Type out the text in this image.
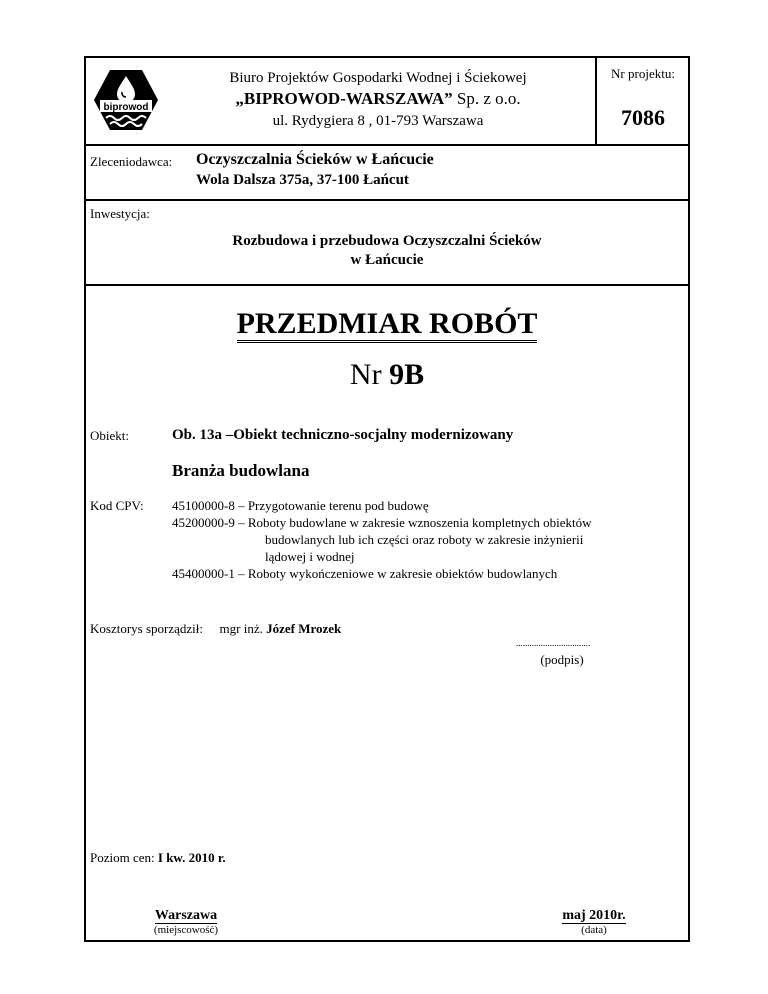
biprowod
Biuro Projektów Gospodarki Wodnej i Ściekowej
„BIPROWOD-WARSZAWA” Sp. z o.o.
ul. Rydygiera 8 , 01-793 Warszawa
Nr projektu:
7086
Zleceniodawca: Oczyszczalnia Ścieków w Łańcucie
Wola Dalsza 375a, 37-100 Łańcut
Inwestycja:
Rozbudowa i przebudowa Oczyszczalni Ścieków
w Łańcucie
PRZEDMIAR ROBÓT
Nr 9B
Obiekt:	Ob. 13a –Obiekt techniczno-socjalny modernizowany
Branża budowlana
Kod CPV: 45100000-8 – Przygotowanie terenu pod budowę
45200000-9 – Roboty budowlane w zakresie wznoszenia kompletnych obiektów
budowlanych lub ich części oraz roboty w zakresie inżynierii
lądowej i wodnej
45400000-1 – Roboty wykończeniowe w zakresie obiektów budowlanych
Kosztorys sporządził: mgr inż. Józef Mrozek
.................................
(podpis)
Poziom cen: I kw. 2010 r.
Warszawa
(miejscowość)
maj 2010r.
(data)
